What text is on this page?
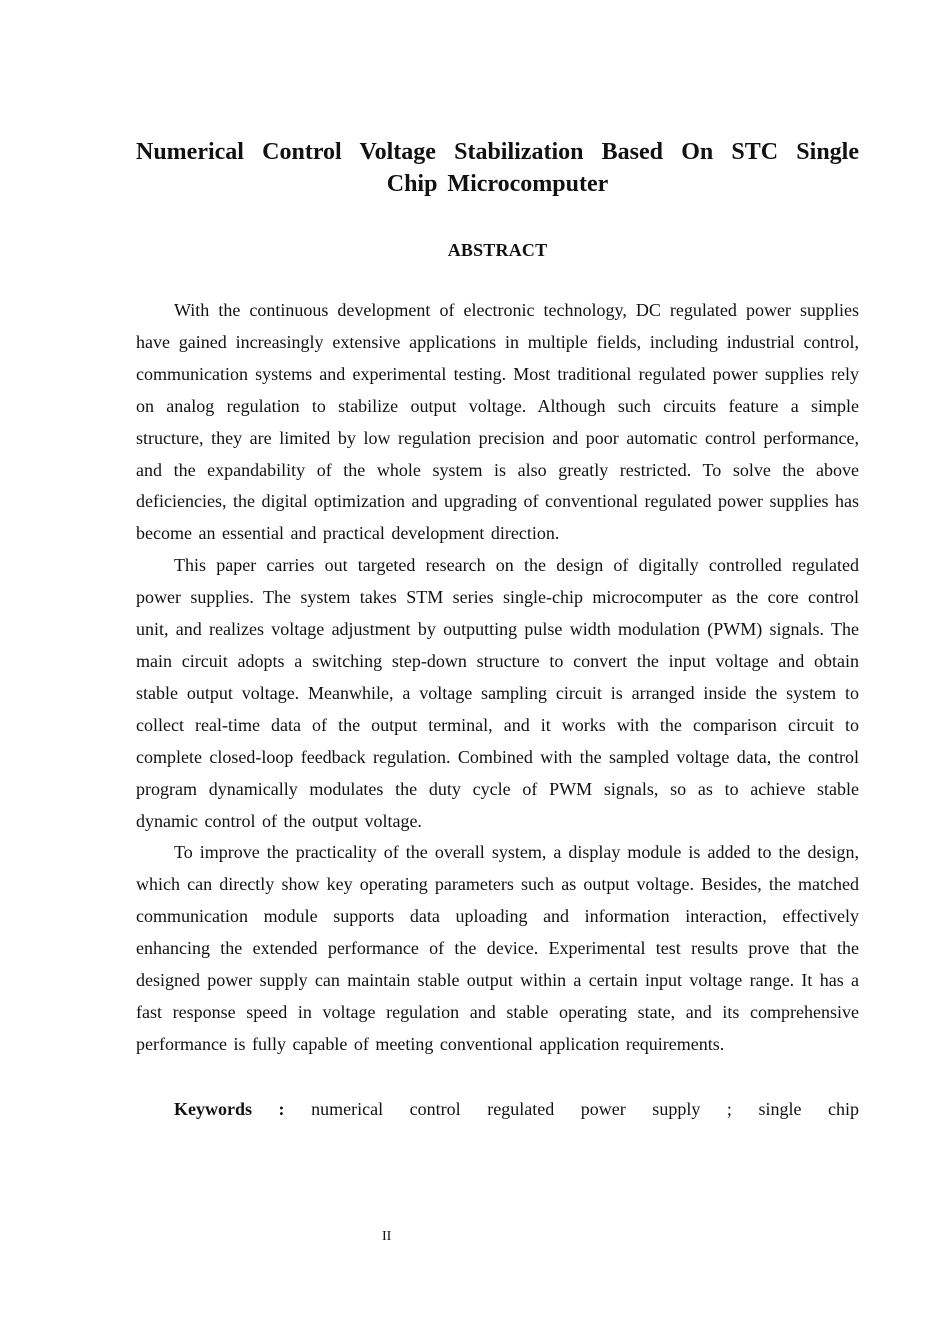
Numerical Control Voltage Stabilization Based On STC Single
Chip Microcomputer
ABSTRACT

With the continuous development of electronic technology, DC regulated power supplies have gained increasingly extensive applications in multiple fields, including industrial control, communication systems and experimental testing. Most traditional regulated power supplies rely on analog regulation to stabilize output voltage. Although such circuits feature a simple structure, they are limited by low regulation precision and poor automatic control performance, and the expandability of the whole system is also greatly restricted. To solve the above deficiencies, the digital optimization and upgrading of conventional regulated power supplies has become an essential and practical development direction.

This paper carries out targeted research on the design of digitally controlled regulated power supplies. The system takes STM series single-chip microcomputer as the core control unit, and realizes voltage adjustment by outputting pulse width modulation (PWM) signals. The main circuit adopts a switching step-down structure to convert the input voltage and obtain stable output voltage. Meanwhile, a voltage sampling circuit is arranged inside the system to collect real-time data of the output terminal, and it works with the comparison circuit to complete closed-loop feedback regulation. Combined with the sampled voltage data, the control program dynamically modulates the duty cycle of PWM signals, so as to achieve stable dynamic control of the output voltage.

To improve the practicality of the overall system, a display module is added to the design, which can directly show key operating parameters such as output voltage. Besides, the matched communication module supports data uploading and information interaction, effectively enhancing the extended performance of the device. Experimental test results prove that the designed power supply can maintain stable output within a certain input voltage range. It has a fast response speed in voltage regulation and stable operating state, and its comprehensive performance is fully capable of meeting conventional application requirements.

Keywords : numerical control regulated power supply ; single chip

II
